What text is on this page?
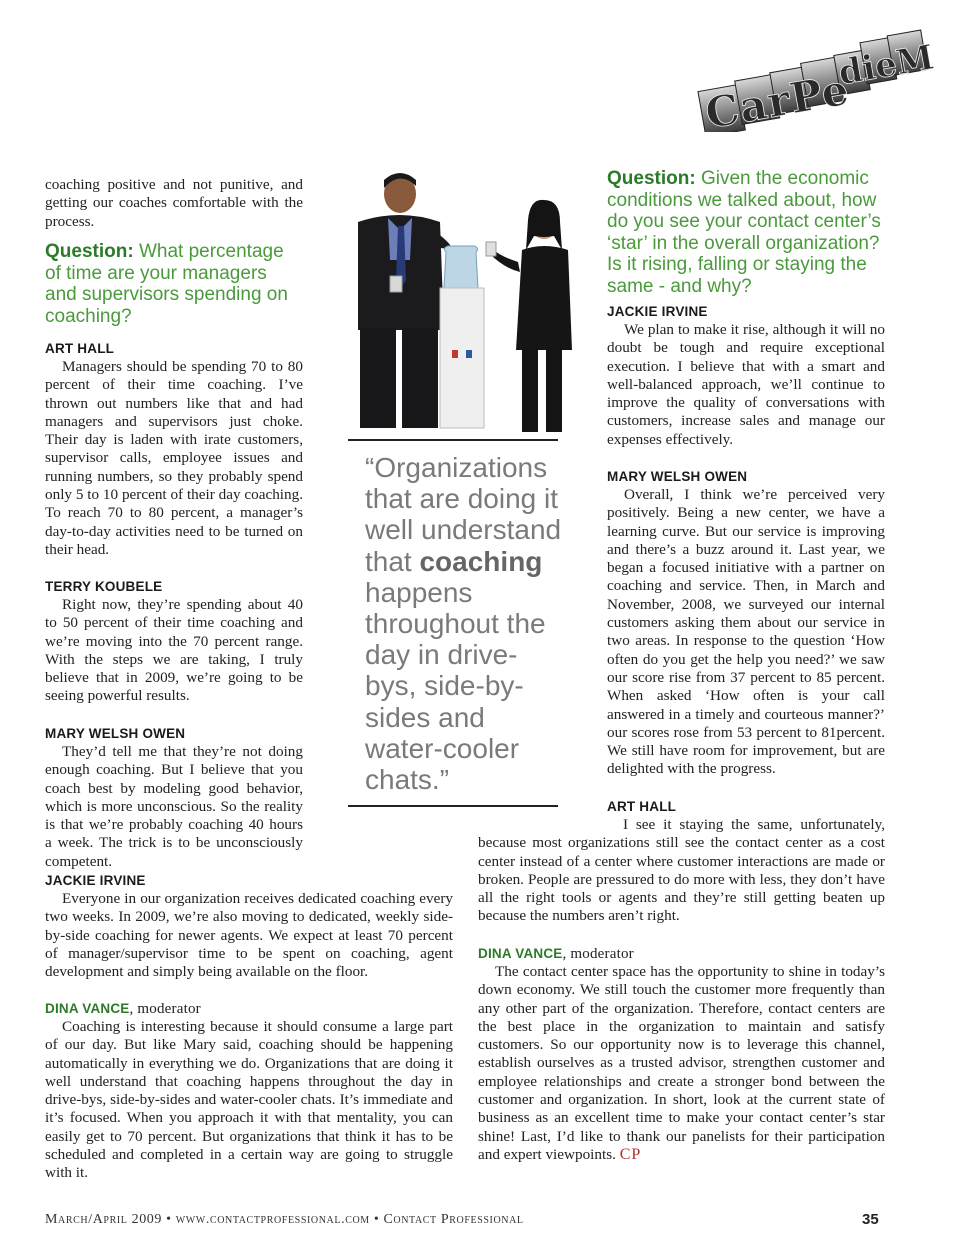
CarPe
dieM

coaching positive and not punitive, and getting our coaches comfortable with the process.

Question: What percentage of time are your managers and supervisors spending on coaching?
ART HALL

Managers should be spending 70 to 80 percent of their time coaching. I’ve thrown out numbers like that and had managers and supervisors just choke. Their day is laden with irate customers, supervisor calls, employee issues and running numbers, so they probably spend only 5 to 10 percent of their day coaching. To reach 70 to 80 percent, a manager’s day-to-day activities need to be turned on their head.

TERRY KOUBELE

Right now, they’re spending about 40 to 50 percent of their time coaching and we’re moving into the 70 percent range. With the steps we are taking, I truly believe that in 2009, we’re going to be seeing powerful results.

MARY WELSH OWEN

They’d tell me that they’re not doing enough coaching. But I believe that you coach best by modeling good behavior, which is more unconscious. So the reality is that we’re probably coaching 40 hours a week. The trick is to be unconsciously competent.

JACKIE IRVINE

Everyone in our organization receives dedicated coaching every two weeks. In 2009, we’re also moving to dedicated, weekly side-by-side coaching for newer agents. We expect at least 70 percent of manager/supervisor time to be spent on coaching, agent development and simply being available on the floor.

DINA VANCE, moderator

Coaching is interesting because it should consume a large part of our day. But like Mary said, coaching should be happening automatically in everything we do. Organizations that are doing it well understand that coaching happens throughout the day in drive-bys, side-by-sides and water-cooler chats. It’s immediate and it’s focused. When you approach it with that mentality, you can easily get to 70 percent. But organizations that think it has to be scheduled and completed in a certain way are going to struggle with it.

“Organizations that are doing it well understand that coaching happens throughout the day in drive-bys, side-by-sides and water-cooler chats.”
Question: Given the economic conditions we talked about, how do you see your contact center’s ‘star’ in the overall organization? Is it rising, falling or staying the same - and why?
JACKIE IRVINE

We plan to make it rise, although it will no doubt be tough and require exceptional execution. I believe that with a smart and well-balanced approach, we’ll continue to improve the quality of conversations with customers, increase sales and manage our expenses effectively.

MARY WELSH OWEN

Overall, I think we’re perceived very positively. Being a new center, we have a learning curve. But our service is improving and there’s a buzz around it. Last year, we began a focused initiative with a partner on coaching and service. Then, in March and November, 2008, we surveyed our internal customers asking them about our service in two areas. In response to the question ‘How often do you get the help you need?’ we saw our score rise from 37 percent to 85 percent. When asked ‘How often is your call answered in a timely and courteous manner?’ our scores rose from 53 percent to 81percent. We still have room for improvement, but are delighted with the progress.

ART HALL

I see it staying the same, unfortunately, because most organizations still see the contact center as a cost center instead of a center where customer interactions are made or broken. People are pressured to do more with less, they don’t have all the right tools or agents and they’re still getting beaten up because the numbers aren’t right.

DINA VANCE, moderator

The contact center space has the opportunity to shine in today’s down economy. We still touch the customer more frequently than any other part of the organization. Therefore, contact centers are the best place in the organization to maintain and satisfy customers. So our opportunity now is to leverage this channel, establish ourselves as a trusted advisor, strengthen customer and employee relationships and create a stronger bond between the customer and organization. In short, look at the current state of business as an excellent time to make your contact center’s star shine! Last, I’d like to thank our panelists for their participation and expert viewpoints. CP

March/April 2009 • www.contactprofessional.com • Contact Professional	35
